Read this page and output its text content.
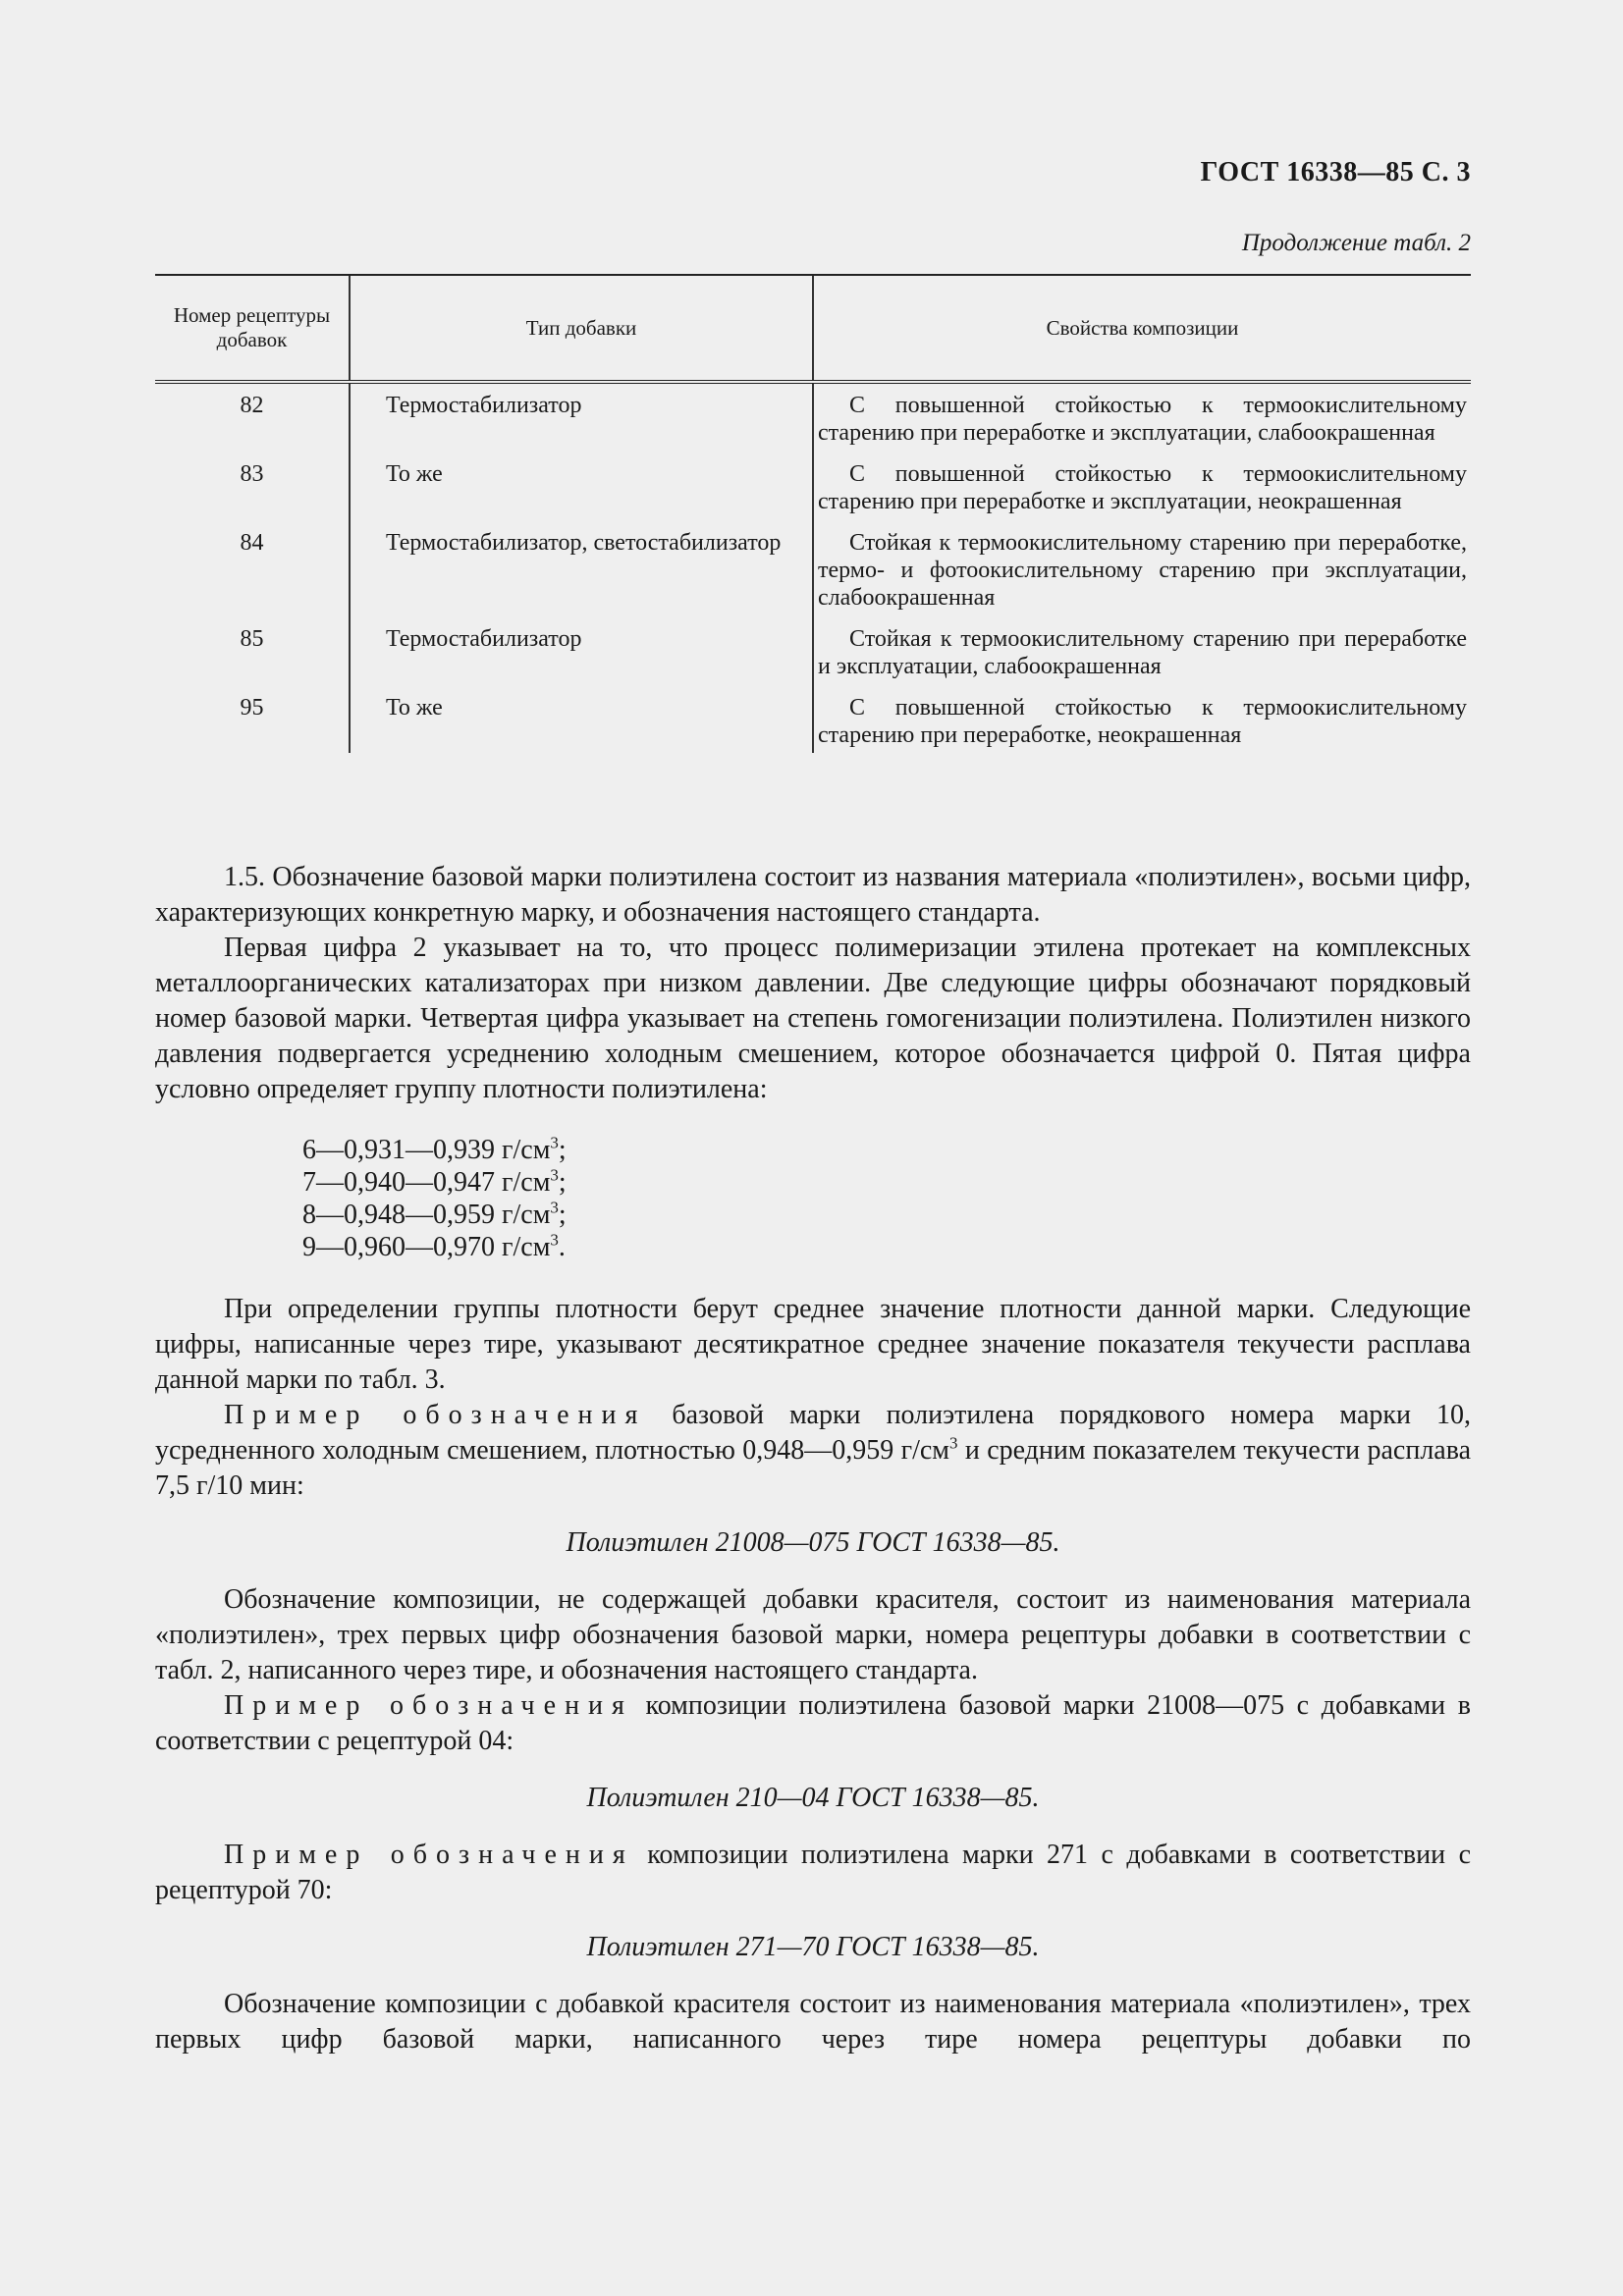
ГОСТ 16338—85 С. 3
Продолжение табл. 2
Номер рецептуры добавок	Тип добавки	Свойства композиции
82	Термостабилизатор	С повышенной стойкостью к термоокислительному старению при переработке и эксплуатации, слабоокрашенная
83	То же	С повышенной стойкостью к термоокислительному старению при переработке и эксплуатации, неокрашенная
84	Термостабилизатор, светостабилизатор	Стойкая к термоокислительному старению при переработке, термо- и фотоокислительному старению при эксплуатации, слабоокрашенная
85	Термостабилизатор	Стойкая к термоокислительному старению при переработке и эксплуатации, слабоокрашенная
95	То же	С повышенной стойкостью к термоокислительному старению при переработке, неокрашенная

1.5. Обозначение базовой марки полиэтилена состоит из названия материала «полиэтилен», восьми цифр, характеризующих конкретную марку, и обозначения настоящего стандарта.

Первая цифра 2 указывает на то, что процесс полимеризации этилена протекает на комплексных металлоорганических катализаторах при низком давлении. Две следующие цифры обозначают порядковый номер базовой марки. Четвертая цифра указывает на степень гомогенизации полиэтилена. Полиэтилен низкого давления подвергается усреднению холодным смешением, которое обозначается цифрой 0. Пятая цифра условно определяет группу плотности полиэтилена:

6—0,931—0,939 $г/см^3$;
7—0,940—0,947 $г/см^3$;
8—0,948—0,959 $г/см^3$;
9—0,960—0,970 $г/см^3$.

При определении группы плотности берут среднее значение плотности данной марки. Следующие цифры, написанные через тире, указывают десятикратное среднее значение показателя текучести расплава данной марки по табл. 3.

Пример обозначения базовой марки полиэтилена порядкового номера марки 10, усредненного холодным смешением, плотностью 0,948—0,959 $г/см^3$ и средним показателем текучести расплава 7,5 г/10 мин:

Полиэтилен 21008—075 ГОСТ 16338—85.

Обозначение композиции, не содержащей добавки красителя, состоит из наименования материала «полиэтилен», трех первых цифр обозначения базовой марки, номера рецептуры добавки в соответствии с табл. 2, написанного через тире, и обозначения настоящего стандарта.

Пример обозначения композиции полиэтилена базовой марки 21008—075 с добавками в соответствии с рецептурой 04:

Полиэтилен 210—04 ГОСТ 16338—85.

Пример обозначения композиции полиэтилена марки 271 с добавками в соответствии с рецептурой 70:

Полиэтилен 271—70 ГОСТ 16338—85.

Обозначение композиции с добавкой красителя состоит из наименования материала «полиэтилен», трех первых цифр базовой марки, написанного через тире номера рецептуры добавки по
